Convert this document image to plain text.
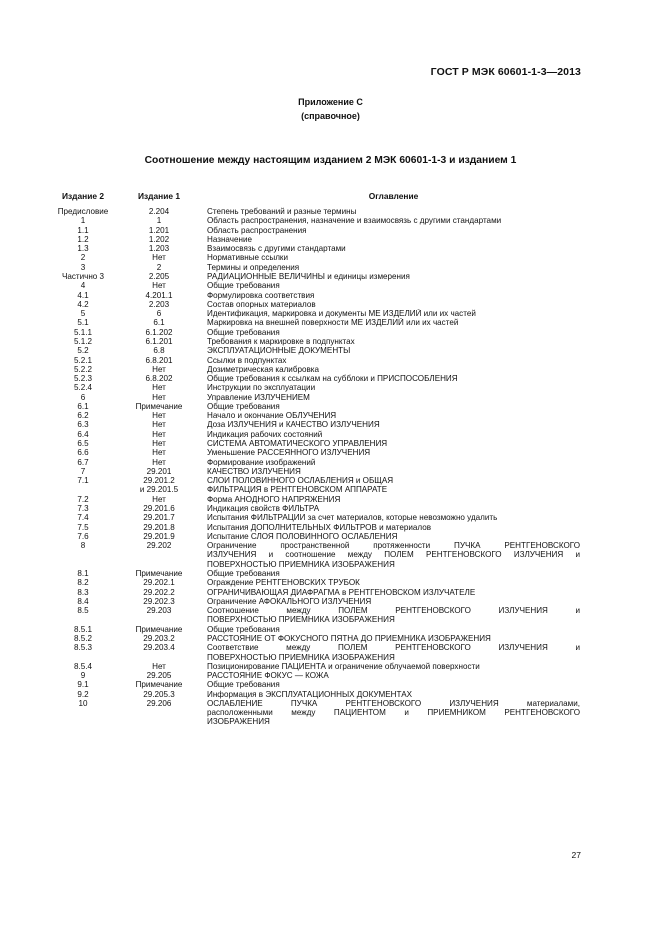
ГОСТ Р МЭК 60601-1-3—2013
Приложение С
(справочное)
Соотношение между настоящим изданием 2 МЭК 60601-1-3 и изданием 1
Издание 2	Издание 1	Оглавление
Предисловие	2.204	Степень требований и разные термины
1	1	Область распространения, назначение и взаимосвязь с другими стандартами
1.1	1.201	Область распространения
1.2	1.202	Назначение
1.3	1.203	Взаимосвязь с другими стандартами
2	Нет	Нормативные ссылки
3	2	Термины и определения
Частично 3	2.205	РАДИАЦИОННЫЕ ВЕЛИЧИНЫ и единицы измерения
4	Нет	Общие требования
4.1	4.201.1	Формулировка соответствия
4.2	2.203	Состав опорных материалов
5	6	Идентификация, маркировка и документы МЕ ИЗДЕЛИЙ или их частей
5.1	6.1	Маркировка на внешней поверхности МЕ ИЗДЕЛИЙ или их частей
5.1.1	6.1.202	Общие требования
5.1.2	6.1.201	Требования к маркировке в подпунктах
5.2	6.8	ЭКСПЛУАТАЦИОННЫЕ ДОКУМЕНТЫ
5.2.1	6.8.201	Ссылки в подпунктах
5.2.2	Нет	Дозиметрическая калибровка
5.2.3	6.8.202	Общие требования к ссылкам на субблоки и ПРИСПОСОБЛЕНИЯ
5.2.4	Нет	Инструкции по эксплуатации
6	Нет	Управление ИЗЛУЧЕНИЕМ
6.1	Примечание	Общие требования
6.2	Нет	Начало и окончание ОБЛУЧЕНИЯ
6.3	Нет	Доза ИЗЛУЧЕНИЯ и КАЧЕСТВО ИЗЛУЧЕНИЯ
6.4	Нет	Индикация рабочих состояний
6.5	Нет	СИСТЕМА АВТОМАТИЧЕСКОГО УПРАВЛЕНИЯ
6.6	Нет	Уменьшение РАССЕЯННОГО ИЗЛУЧЕНИЯ
6.7	Нет	Формирование изображений
7	29.201	КАЧЕСТВО ИЗЛУЧЕНИЯ
7.1	29.201.2	СЛОИ ПОЛОВИННОГО ОСЛАБЛЕНИЯ и ОБЩАЯ
и 29.201.5	ФИЛЬТРАЦИЯ в РЕНТГЕНОВСКОМ АППАРАТЕ
7.2	Нет	Форма АНОДНОГО НАПРЯЖЕНИЯ
7.3	29.201.6	Индикация свойств ФИЛЬТРА
7.4	29.201.7	Испытания ФИЛЬТРАЦИИ за счет материалов, которые невозможно удалить
7.5	29.201.8	Испытания ДОПОЛНИТЕЛЬНЫХ ФИЛЬТРОВ и материалов
7.6	29.201.9	Испытание СЛОЯ ПОЛОВИННОГО ОСЛАБЛЕНИЯ
8	29.202	Ограничение пространственной протяженности ПУЧКА РЕНТГЕНОВСКОГО
ИЗЛУЧЕНИЯ и соотношение между ПОЛЕМ РЕНТГЕНОВСКОГО ИЗЛУЧЕНИЯ и
ПОВЕРХНОСТЬЮ ПРИЕМНИКА ИЗОБРАЖЕНИЯ
8.1	Примечание	Общие требования
8.2	29.202.1	Ограждение РЕНТГЕНОВСКИХ ТРУБОК
8.3	29.202.2	ОГРАНИЧИВАЮЩАЯ ДИАФРАГМА в РЕНТГЕНОВСКОМ ИЗЛУЧАТЕЛЕ
8.4	29.202.3	Ограничение АФОКАЛЬНОГО ИЗЛУЧЕНИЯ
8.5	29.203	Соотношение между ПОЛЕМ РЕНТГЕНОВСКОГО ИЗЛУЧЕНИЯ и
ПОВЕРХНОСТЬЮ ПРИЕМНИКА ИЗОБРАЖЕНИЯ
8.5.1	Примечание	Общие требования
8.5.2	29.203.2	РАССТОЯНИЕ ОТ ФОКУСНОГО ПЯТНА ДО ПРИЕМНИКА ИЗОБРАЖЕНИЯ
8.5.3	29.203.4	Соответствие между ПОЛЕМ РЕНТГЕНОВСКОГО ИЗЛУЧЕНИЯ и
ПОВЕРХНОСТЬЮ ПРИЕМНИКА ИЗОБРАЖЕНИЯ
8.5.4	Нет	Позиционирование ПАЦИЕНТА и ограничение облучаемой поверхности
9	29.205	РАССТОЯНИЕ ФОКУС — КОЖА
9.1	Примечание	Общие требования
9.2	29.205.3	Информация в ЭКСПЛУАТАЦИОННЫХ ДОКУМЕНТАХ
10	29.206	ОСЛАБЛЕНИЕ ПУЧКА РЕНТГЕНОВСКОГО ИЗЛУЧЕНИЯ материалами,
расположенными между ПАЦИЕНТОМ и ПРИЕМНИКОМ РЕНТГЕНОВСКОГО
ИЗОБРАЖЕНИЯ
27
